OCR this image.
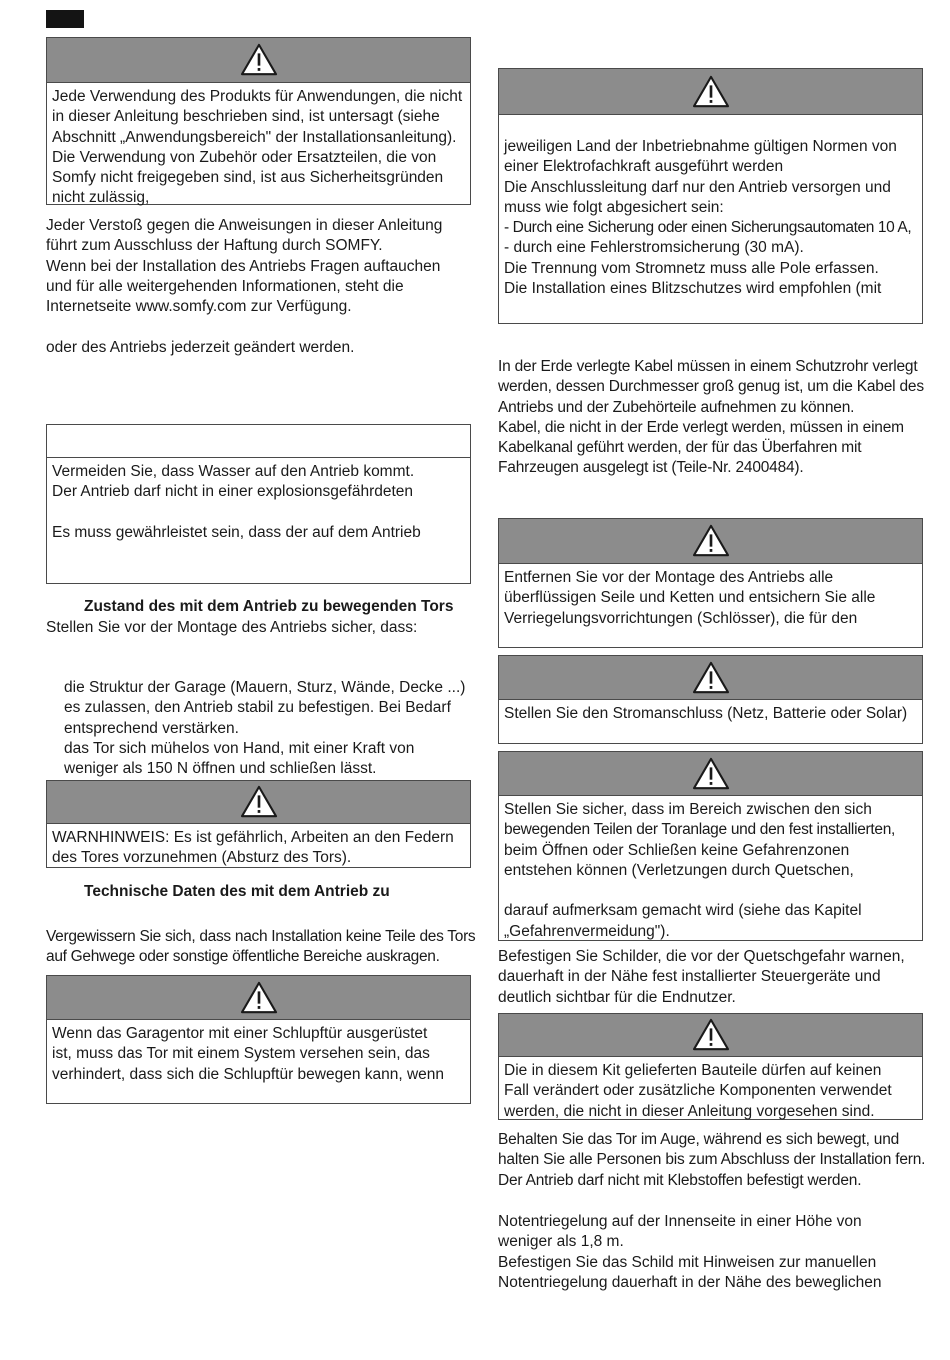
Jede Verwendung des Produkts für Anwendungen, die nicht
in dieser Anleitung beschrieben sind, ist untersagt (siehe
Abschnitt „Anwendungsbereich" der Installationsanleitung).
Die Verwendung von Zubehör oder Ersatzteilen, die von
Somfy nicht freigegeben sind, ist aus Sicherheitsgründen
nicht zulässig,
Jeder Verstoß gegen die Anweisungen in dieser Anleitung
führt zum Ausschluss der Haftung durch SOMFY.
Wenn bei der Installation des Antriebs Fragen auftauchen
und für alle weitergehenden Informationen, steht die
Internetseite www.somfy.com zur Verfügung.
oder des Antriebs jederzeit geändert werden.
Vermeiden Sie, dass Wasser auf den Antrieb kommt.
Der Antrieb darf nicht in einer explosionsgefährdeten

Es muss gewährleistet sein, dass der auf dem Antrieb
Zustand des mit dem Antrieb zu bewegenden Tors
Stellen Sie vor der Montage des Antriebs sicher, dass:
die Struktur der Garage (Mauern, Sturz, Wände, Decke ...)
es zulassen, den Antrieb stabil zu befestigen. Bei Bedarf
entsprechend verstärken.
das Tor sich mühelos von Hand, mit einer Kraft von
weniger als 150 N öffnen und schließen lässt.
WARNHINWEIS: Es ist gefährlich, Arbeiten an den Federn
des Tores vorzunehmen (Absturz des Tors).
Technische Daten des mit dem Antrieb zu
Vergewissern Sie sich, dass nach Installation keine Teile des Tors
auf Gehwege oder sonstige öffentliche Bereiche auskragen.
Wenn das Garagentor mit einer Schlupftür ausgerüstet
ist, muss das Tor mit einem System versehen sein, das
verhindert, dass sich die Schlupftür bewegen kann, wenn
jeweiligen Land der Inbetriebnahme gültigen Normen von
einer Elektrofachkraft ausgeführt werden
Die Anschlussleitung darf nur den Antrieb versorgen und
muss wie folgt abgesichert sein:
- Durch eine Sicherung oder einen Sicherungsautomaten 10 A,
- durch eine Fehlerstromsicherung (30 mA).
Die Trennung vom Stromnetz muss alle Pole erfassen.
Die Installation eines Blitzschutzes wird empfohlen (mit
In der Erde verlegte Kabel müssen in einem Schutzrohr verlegt
werden, dessen Durchmesser groß genug ist, um die Kabel des
Antriebs und der Zubehörteile aufnehmen zu können.
Kabel, die nicht in der Erde verlegt werden, müssen in einem
Kabelkanal geführt werden, der für das Überfahren mit
Fahrzeugen ausgelegt ist (Teile-Nr. 2400484).
Entfernen Sie vor der Montage des Antriebs alle
überflüssigen Seile und Ketten und entsichern Sie alle
Verriegelungsvorrichtungen (Schlösser), die für den
Stellen Sie den Stromanschluss (Netz, Batterie oder Solar)
Stellen Sie sicher, dass im Bereich zwischen den sich
bewegenden Teilen der Toranlage und den fest installierten,
beim Öffnen oder Schließen keine Gefahrenzonen
entstehen können (Verletzungen durch Quetschen,

darauf aufmerksam gemacht wird (siehe das Kapitel
„Gefahrenvermeidung").
Befestigen Sie Schilder, die vor der Quetschgefahr warnen,
dauerhaft in der Nähe fest installierter Steuergeräte und
deutlich sichtbar für die Endnutzer.
Die in diesem Kit gelieferten Bauteile dürfen auf keinen
Fall verändert oder zusätzliche Komponenten verwendet
werden, die nicht in dieser Anleitung vorgesehen sind.
Behalten Sie das Tor im Auge, während es sich bewegt, und
halten Sie alle Personen bis zum Abschluss der Installation fern.
Der Antrieb darf nicht mit Klebstoffen befestigt werden.
Notentriegelung auf der Innenseite in einer Höhe von
weniger als 1,8 m.
Befestigen Sie das Schild mit Hinweisen zur manuellen
Notentriegelung dauerhaft in der Nähe des beweglichen
